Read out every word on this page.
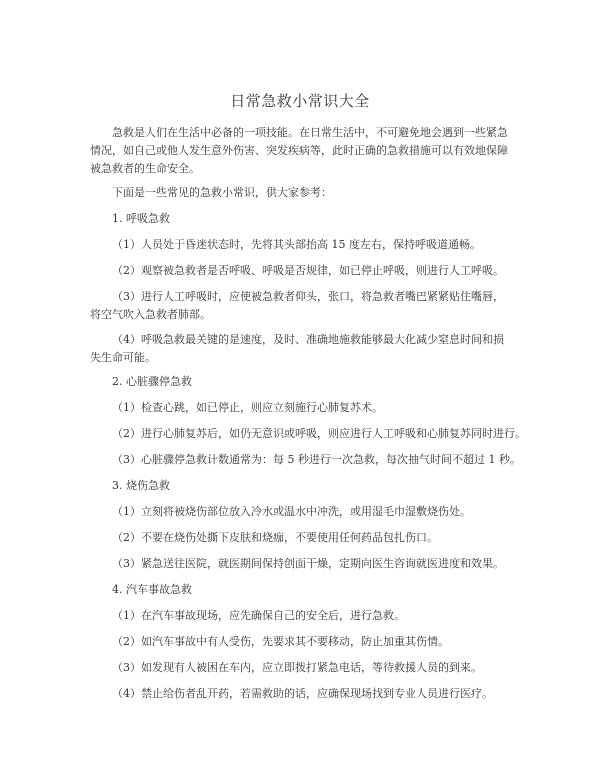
日常急救小常识大全
急救是人们在生活中必备的一项技能。在日常生活中，不可避免地会遇到一些紧急情况，如自己或他人发生意外伤害、突发疾病等，此时正确的急救措施可以有效地保障被急救者的生命安全。
下面是一些常见的急救小常识，供大家参考：
1. 呼吸急救
（1）人员处于昏迷状态时，先将其头部抬高 15 度左右，保持呼吸道通畅。
（2）观察被急救者是否呼吸、呼吸是否规律，如已停止呼吸，则进行人工呼吸。
（3）进行人工呼吸时，应使被急救者仰头，张口，将急救者嘴巴紧紧贴住嘴唇，将空气吹入急救者肺部。
（4）呼吸急救最关键的是速度，及时、准确地施救能够最大化减少窒息时间和损失生命可能。
2. 心脏骤停急救
（1）检查心跳，如已停止，则应立刻施行心肺复苏术。
（2）进行心肺复苏后，如仍无意识或呼吸，则应进行人工呼吸和心肺复苏同时进行。
（3）心脏骤停急救计数通常为：每 5 秒进行一次急救，每次抽气时间不超过 1 秒。
3. 烧伤急救
（1）立刻将被烧伤部位放入冷水或温水中冲洗，或用湿毛巾湿敷烧伤处。
（2）不要在烧伤处撕下皮肤和烧痂，不要使用任何药品包扎伤口。
（3）紧急送往医院，就医期间保持创面干燥，定期向医生咨询就医进度和效果。
4. 汽车事故急救
（1）在汽车事故现场，应先确保自己的安全后，进行急救。
（2）如汽车事故中有人受伤，先要求其不要移动，防止加重其伤情。
（3）如发现有人被困在车内，应立即拨打紧急电话，等待救援人员的到来。
（4）禁止给伤者乱开药，若需救助的话，应确保现场找到专业人员进行医疗。
